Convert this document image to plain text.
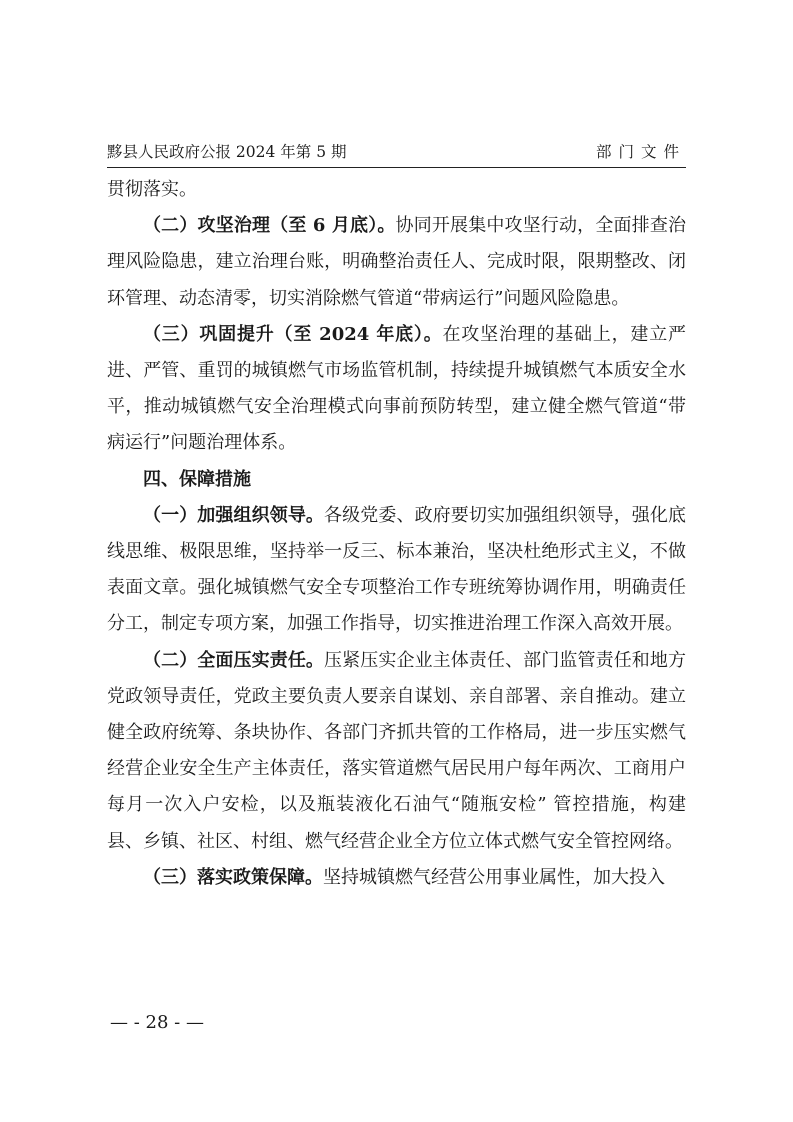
黟县人民政府公报 2024 年第 5 期	部门文件

贯彻落实。

（二）攻坚治理（至 6 月底）。协同开展集中攻坚行动，全面排查治理风险隐患，建立治理台账，明确整治责任人、完成时限，限期整改、闭环管理、动态清零，切实消除燃气管道“带病运行”问题风险隐患。

（三）巩固提升（至 2024 年底）。在攻坚治理的基础上，建立严进、严管、重罚的城镇燃气市场监管机制，持续提升城镇燃气本质安全水平，推动城镇燃气安全治理模式向事前预防转型，建立健全燃气管道“带病运行”问题治理体系。

四、保障措施

（一）加强组织领导。各级党委、政府要切实加强组织领导，强化底线思维、极限思维，坚持举一反三、标本兼治，坚决杜绝形式主义，不做表面文章。强化城镇燃气安全专项整治工作专班统筹协调作用，明确责任分工，制定专项方案，加强工作指导，切实推进治理工作深入高效开展。

（二）全面压实责任。压紧压实企业主体责任、部门监管责任和地方党政领导责任，党政主要负责人要亲自谋划、亲自部署、亲自推动。建立健全政府统筹、条块协作、各部门齐抓共管的工作格局，进一步压实燃气经营企业安全生产主体责任，落实管道燃气居民用户每年两次、工商用户每月一次入户安检，以及瓶装液化石油气“随瓶安检” 管控措施，构建县、乡镇、社区、村组、燃气经营企业全方位立体式燃气安全管控网络。

（三）落实政策保障。坚持城镇燃气经营公用事业属性，加大投入

— - 28 - —
